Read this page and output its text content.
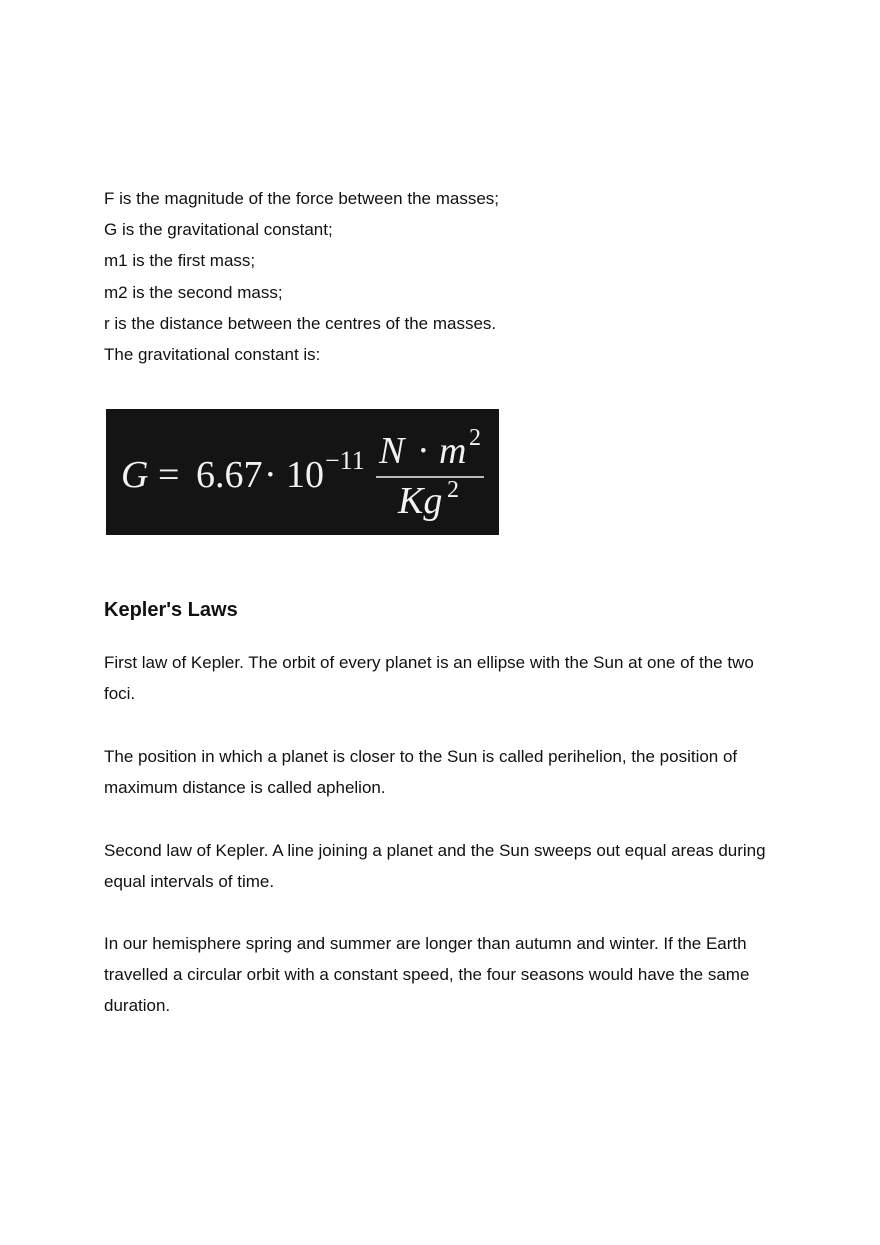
F is the magnitude of the force between the masses;
G is the gravitational constant;
m1 is the first mass;
m2 is the second mass;
r is the distance between the centres of the masses.
The gravitational constant is:
G = 6.67 · 10 −11 N · m 2
Kg 2
Kepler's Laws

First law of Kepler. The orbit of every planet is an ellipse with the Sun at one of the two foci.

The position in which a planet is closer to the Sun is called perihelion, the position of maximum distance is called aphelion.

Second law of Kepler. A line joining a planet and the Sun sweeps out equal areas during equal intervals of time.

In our hemisphere spring and summer are longer than autumn and winter. If the Earth travelled a circular orbit with a constant speed, the four seasons would have the same duration.
